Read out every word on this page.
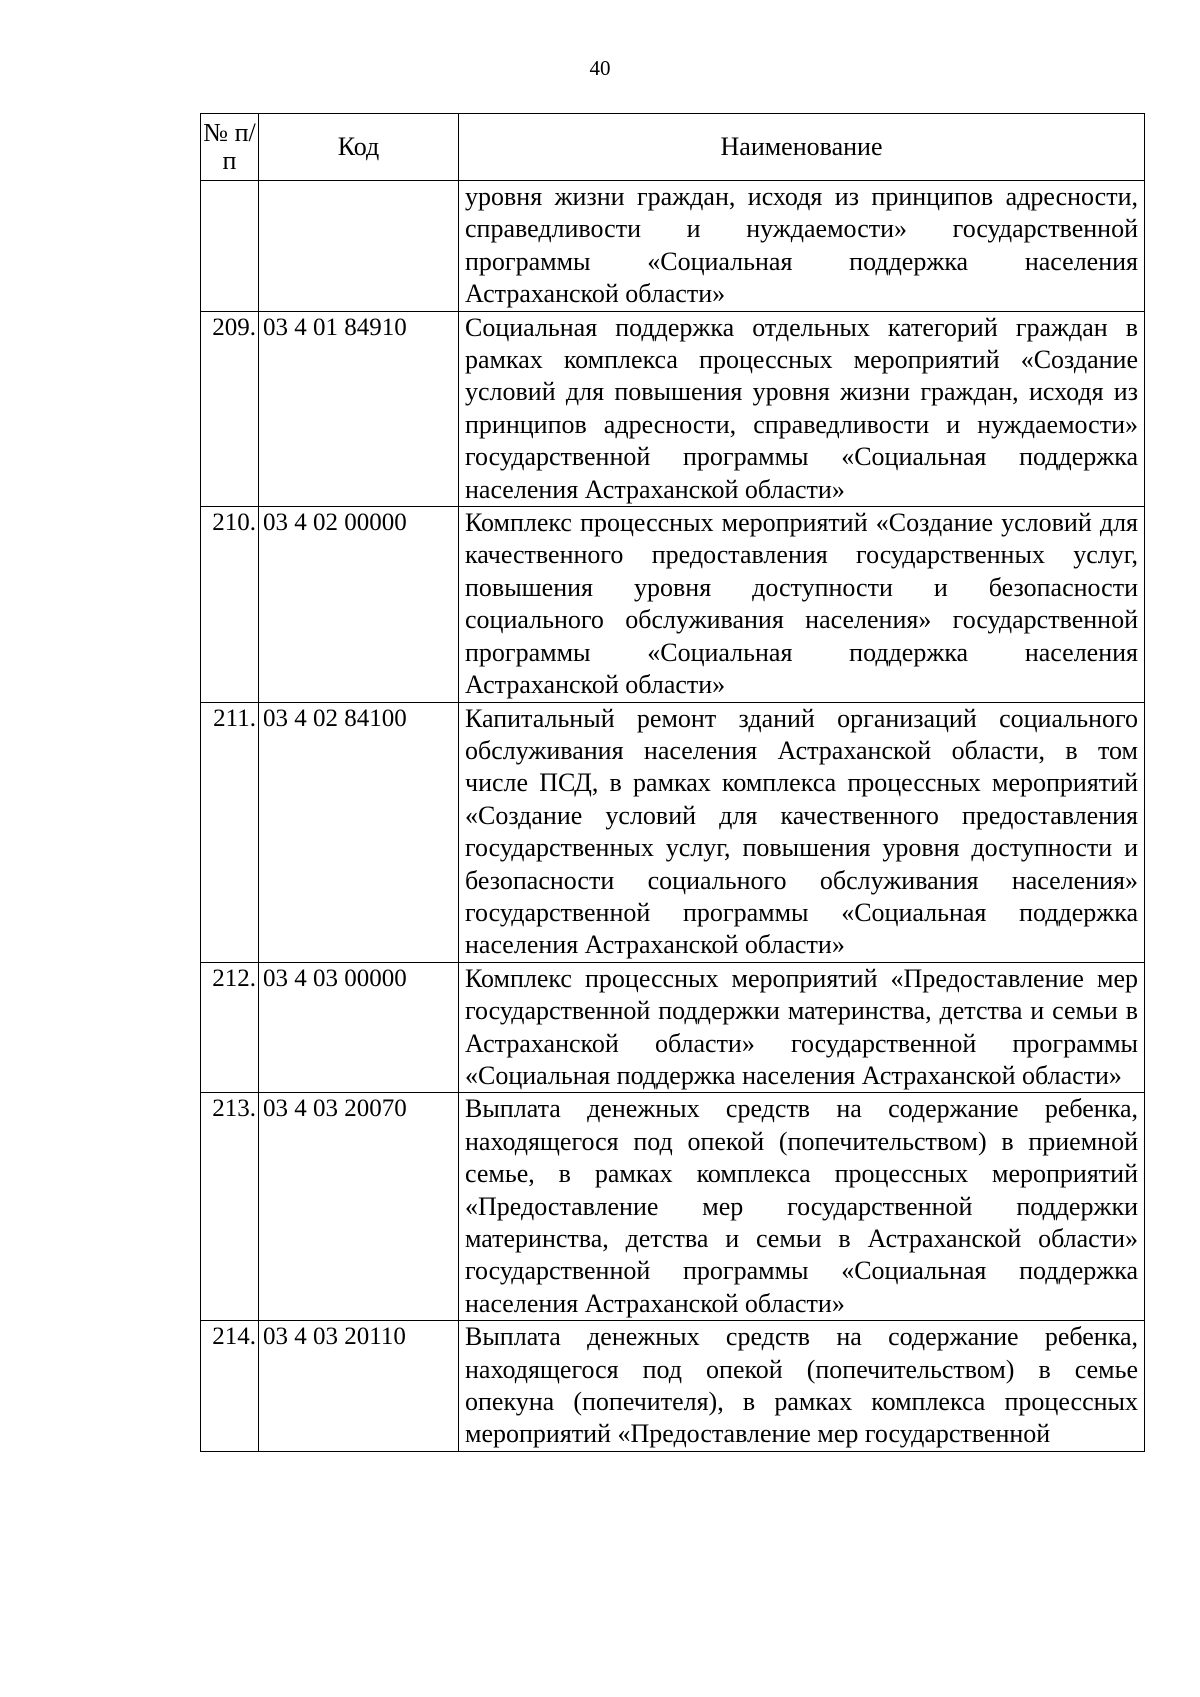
40
№ п/п	Код	Наименование
		уровня жизни граждан, исходя из принципов адресности, справедливости и нуждаемости» государственной программы «Социальная поддержка населения Астраханской области»
209.	03 4 01 84910	Социальная поддержка отдельных категорий граждан в рамках комплекса процессных мероприятий «Создание условий для повышения уровня жизни граждан, исходя из принципов адресности, справедливости и нуждаемости» государственной программы «Социальная поддержка населения Астраханской области»
210.	03 4 02 00000	Комплекс процессных мероприятий «Создание условий для качественного предоставления государственных услуг, повышения уровня доступности и безопасности социального обслуживания населения» государственной программы «Социальная поддержка населения Астраханской области»
211.	03 4 02 84100	Капитальный ремонт зданий организаций социального обслуживания населения Астраханской области, в том числе ПСД, в рамках комплекса процессных мероприятий «Создание условий для качественного предоставления государственных услуг, повышения уровня доступности и безопасности социального обслуживания населения» государственной программы «Социальная поддержка населения Астраханской области»
212.	03 4 03 00000	Комплекс процессных мероприятий «Предоставление мер государственной поддержки материнства, детства и семьи в Астраханской области» государственной программы «Социальная поддержка населения Астраханской области»
213.	03 4 03 20070	Выплата денежных средств на содержание ребенка, находящегося под опекой (попечительством) в приемной семье, в рамках комплекса процессных мероприятий «Предоставление мер государственной поддержки материнства, детства и семьи в Астраханской области» государственной программы «Социальная поддержка населения Астраханской области»
214.	03 4 03 20110	Выплата денежных средств на содержание ребенка, находящегося под опекой (попечительством) в семье опекуна (попечителя), в рамках комплекса процессных мероприятий «Предоставление мер государственной
